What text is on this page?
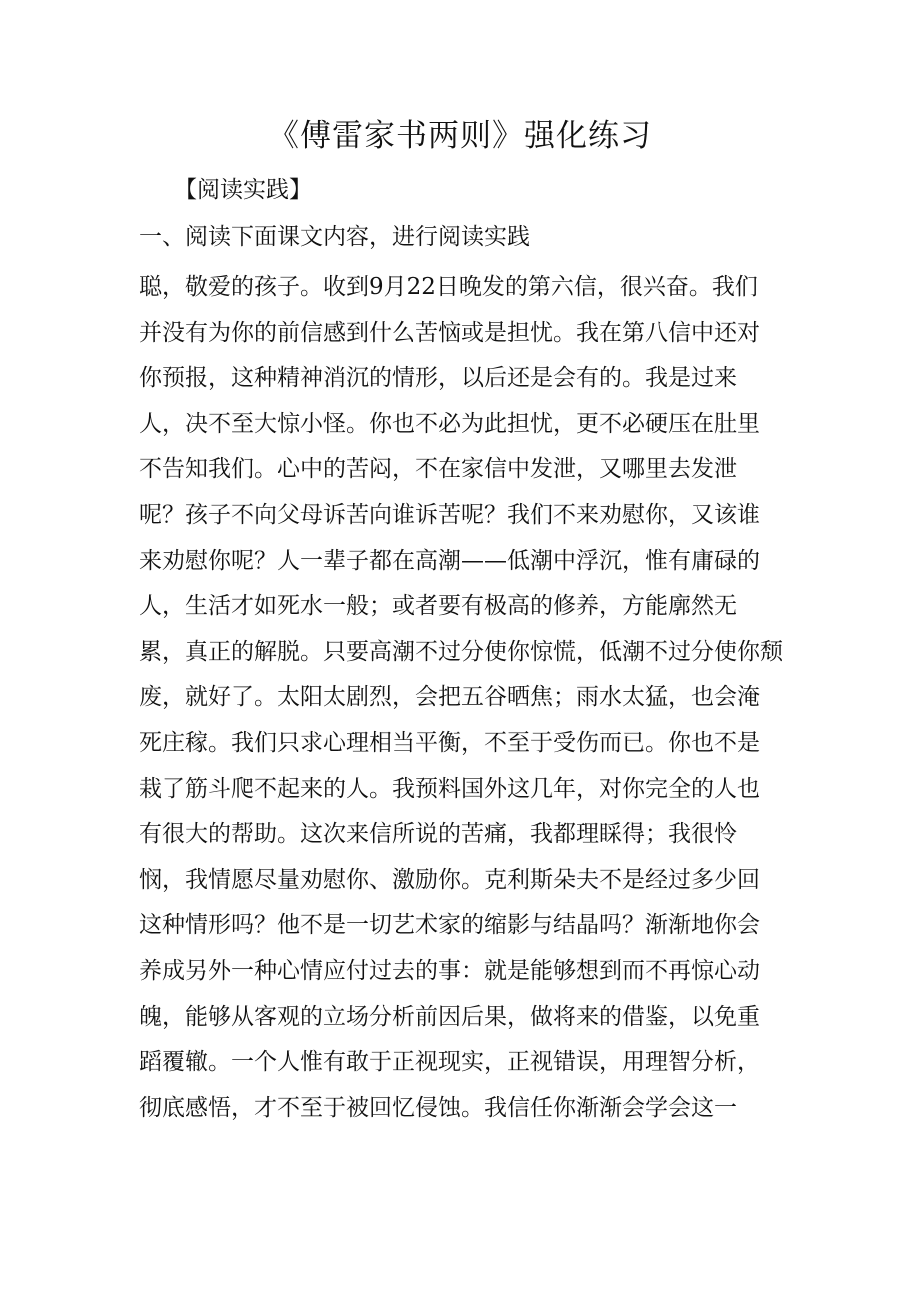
《傅雷家书两则》强化练习
【阅读实践】
一、阅读下面课文内容，进行阅读实践
聪，敬爱的孩子。收到9月22日晚发的第六信，很兴奋。我们
并没有为你的前信感到什么苦恼或是担忧。我在第八信中还对
你预报，这种精神消沉的情形，以后还是会有的。我是过来
人，决不至大惊小怪。你也不必为此担忧，更不必硬压在肚里
不告知我们。心中的苦闷，不在家信中发泄，又哪里去发泄
呢？孩子不向父母诉苦向谁诉苦呢？我们不来劝慰你，又该谁
来劝慰你呢？人一辈子都在高潮——低潮中浮沉，惟有庸碌的
人，生活才如死水一般；或者要有极高的修养，方能廓然无
累，真正的解脱。只要高潮不过分使你惊慌，低潮不过分使你颓
废，就好了。太阳太剧烈，会把五谷晒焦；雨水太猛，也会淹
死庄稼。我们只求心理相当平衡，不至于受伤而已。你也不是
栽了筋斗爬不起来的人。我预料国外这几年，对你完全的人也
有很大的帮助。这次来信所说的苦痛，我都理睬得；我很怜
悯，我情愿尽量劝慰你、激励你。克利斯朵夫不是经过多少回
这种情形吗？他不是一切艺术家的缩影与结晶吗？渐渐地你会
养成另外一种心情应付过去的事：就是能够想到而不再惊心动
魄，能够从客观的立场分析前因后果，做将来的借鉴，以免重
蹈覆辙。一个人惟有敢于正视现实，正视错误，用理智分析，
彻底感悟，才不至于被回忆侵蚀。我信任你渐渐会学会这一
